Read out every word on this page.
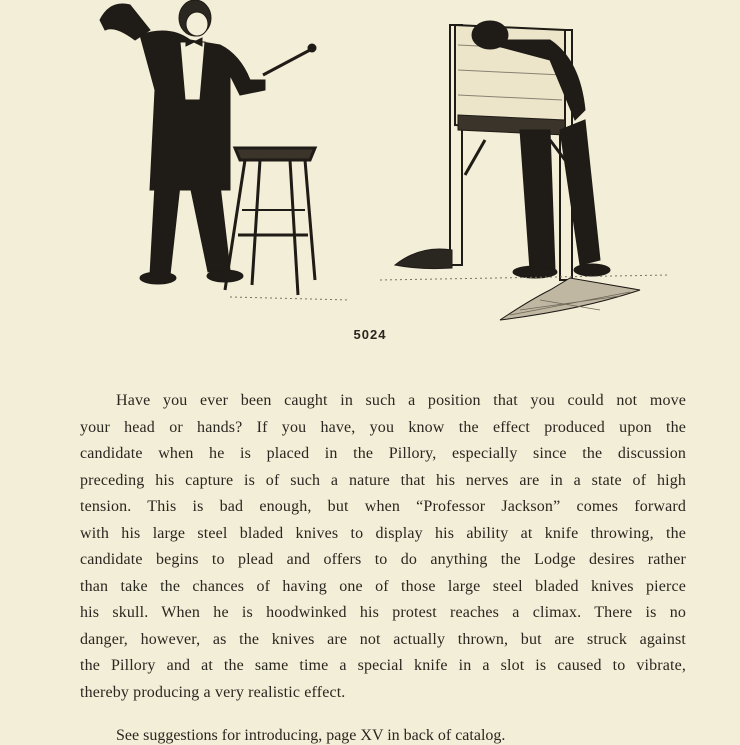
5024
Have you ever been caught in such a position that you could not move
your head or hands? If you have, you know the effect produced upon the
candidate when he is placed in the Pillory, especially since the discussion
preceding his capture is of such a nature that his nerves are in a state of high
tension. This is bad enough, but when “Professor Jackson” comes forward
with his large steel bladed knives to display his ability at knife throwing, the
candidate begins to plead and offers to do anything the Lodge desires rather
than take the chances of having one of those large steel bladed knives pierce
his skull. When he is hoodwinked his protest reaches a climax. There is no
danger, however, as the knives are not actually thrown, but are struck against
the Pillory and at the same time a special knife in a slot is caused to vibrate,
thereby producing a very realistic effect.
See suggestions for introducing, page XV in back of catalog.
